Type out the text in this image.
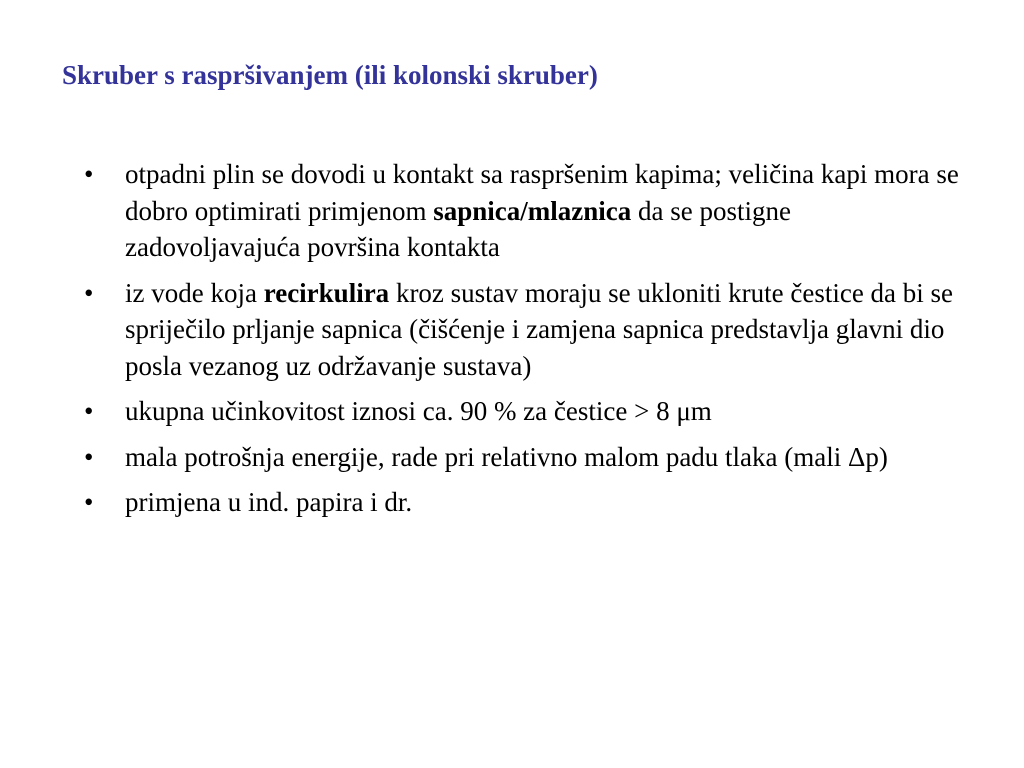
Skruber s raspršivanjem (ili kolonski skruber)
• otpadni plin se dovodi u kontakt sa raspršenim kapima; veličina kapi mora se dobro optimirati primjenom sapnica/mlaznica da se postigne zadovoljavajuća površina kontakta
• iz vode koja recirkulira kroz sustav moraju se ukloniti krute čestice da bi se spriječilo prljanje sapnica (čišćenje i zamjena sapnica predstavlja glavni dio posla vezanog uz održavanje sustava)
• ukupna učinkovitost iznosi ca. 90 % za čestice > 8 μm
• mala potrošnja energije, rade pri relativno malom padu tlaka (mali Δp)
• primjena u ind. papira i dr.
